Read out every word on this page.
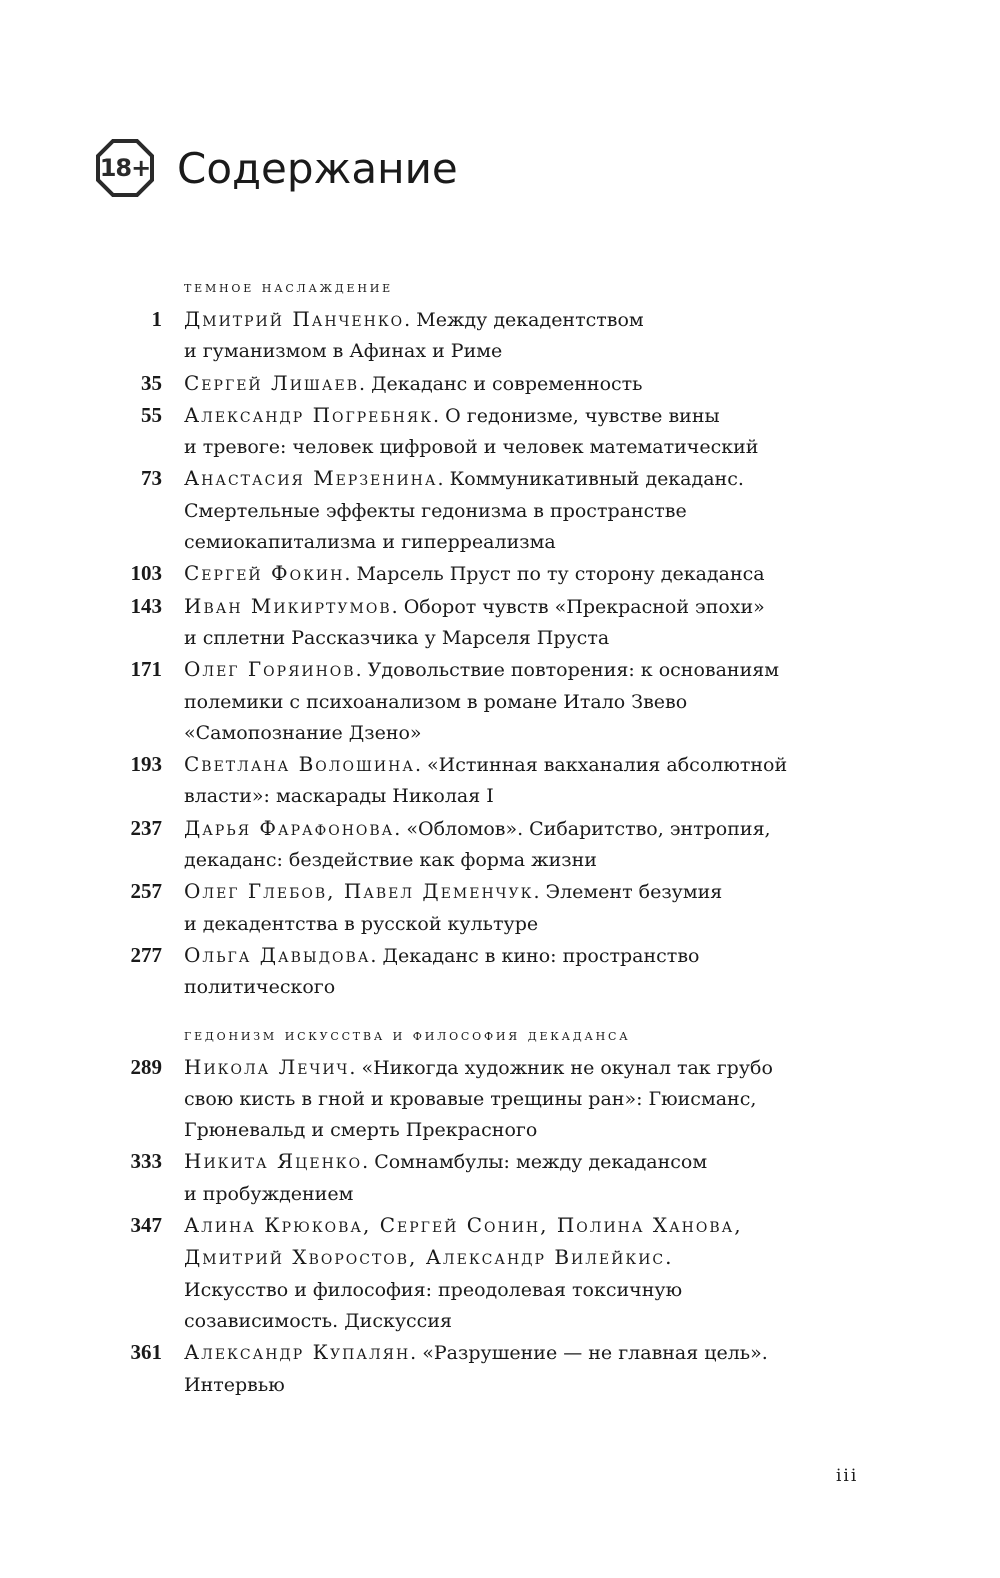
18+ Содержание
темное наслаждение
1 Дмитрий Панченко. Между декадентством
и гуманизмом в Афинах и Риме
35 Сергей Лишаев. Декаданс и современность
55 Александр Погребняк. О гедонизме, чувстве вины
и тревоге: человек цифровой и человек математический
73 Анастасия Мерзенина. Коммуникативный декаданс.
Смертельные эффекты гедонизма в пространстве
семиокапитализма и гиперреализма
103 Сергей Фокин. Марсель Пруст по ту сторону декаданса
143 Иван Микиртумов. Оборот чувств «Прекрасной эпохи»
и сплетни Рассказчика у Марселя Пруста
171 Олег Горяинов. Удовольствие повторения: к основаниям
полемики с психоанализом в романе Итало Звево
«Самопознание Дзено»
193 Светлана Волошина. «Истинная вакханалия абсолютной
власти»: маскарады Николая I
237 Дарья Фарафонова. «Обломов». Сибаритство, энтропия,
декаданс: бездействие как форма жизни
257 Олег Глебов, Павел Деменчук. Элемент безумия
и декадентства в русской культуре
277 Ольга Давыдова. Декаданс в кино: пространство
политического
гедонизм искусства и философия декаданса
289 Никола Лечич. «Никогда художник не окунал так грубо
свою кисть в гной и кровавые трещины ран»: Гюисманс,
Грюневальд и смерть Прекрасного
333 Никита Яценко. Сомнамбулы: между декадансом
и пробуждением
347 Алина Крюкова, Сергей Сонин, Полина Ханова,
Дмитрий Хворостов, Александр Вилейкис.
Искусство и философия: преодолевая токсичную
созависимость. Дискуссия
361 Александр Купалян. «Разрушение — не главная цель».
Интервью
iii
